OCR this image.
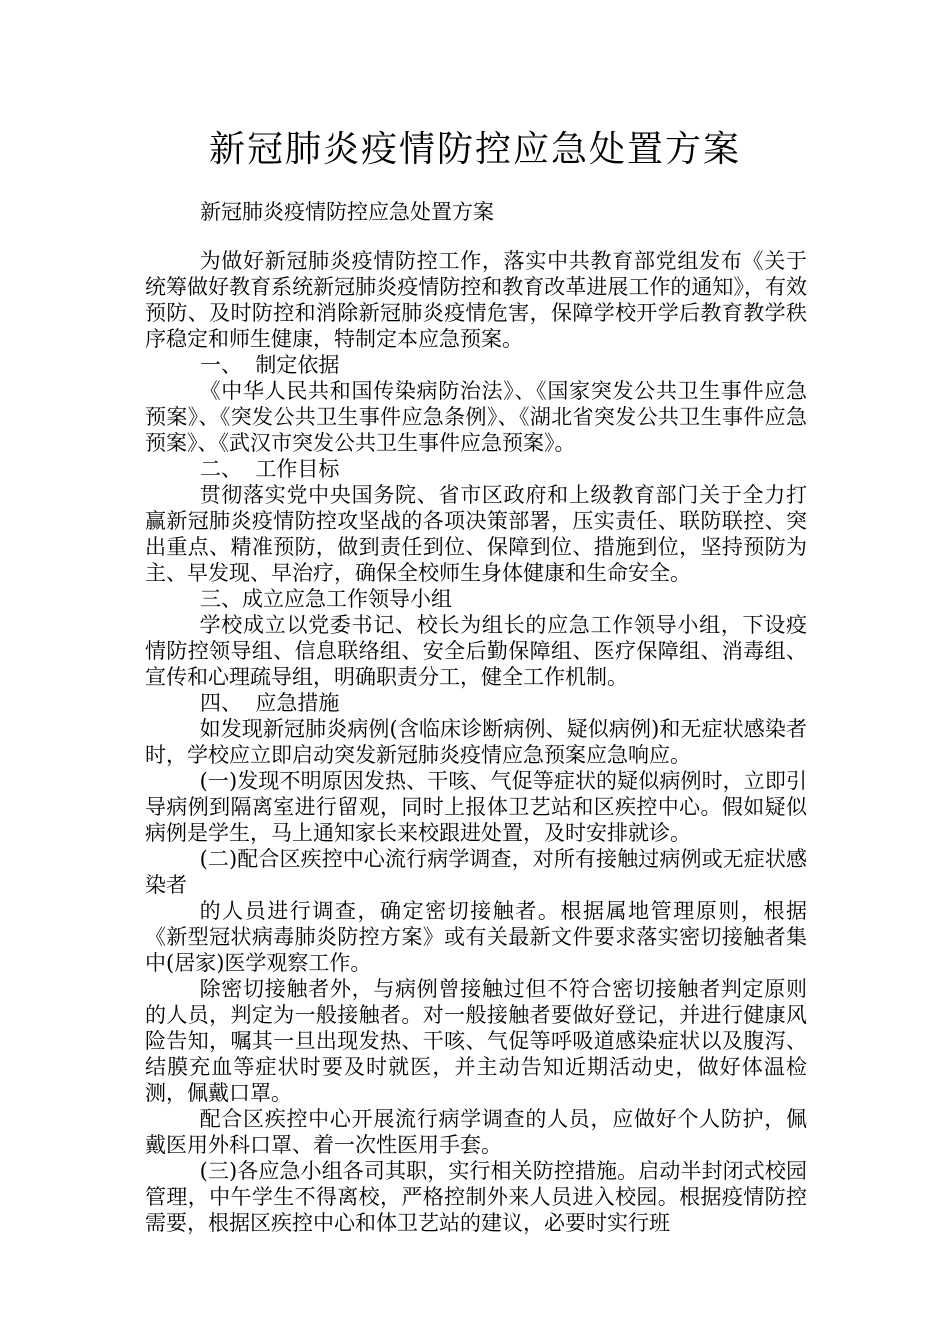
新冠肺炎疫情防控应急处置方案

新冠肺炎疫情防控应急处置方案

为做好新冠肺炎疫情防控工作，落实中共教育部党组发布《关于统筹做好教育系统新冠肺炎疫情防控和教育改革进展工作的通知》，有效预防、及时防控和消除新冠肺炎疫情危害，保障学校开学后教育教学秩序稳定和师生健康，特制定本应急预案。

一、  制定依据

《中华人民共和国传染病防治法》、《国家突发公共卫生事件应急预案》、《突发公共卫生事件应急条例》、《湖北省突发公共卫生事件应急预案》、《武汉市突发公共卫生事件应急预案》。

二、  工作目标

贯彻落实党中央国务院、省市区政府和上级教育部门关于全力打赢新冠肺炎疫情防控攻坚战的各项决策部署，压实责任、联防联控、突出重点、精准预防，做到责任到位、保障到位、措施到位，坚持预防为主、早发现、早治疗，确保全校师生身体健康和生命安全。

三、成立应急工作领导小组

学校成立以党委书记、校长为组长的应急工作领导小组，下设疫情防控领导组、信息联络组、安全后勤保障组、医疗保障组、消毒组、宣传和心理疏导组，明确职责分工，健全工作机制。

四、  应急措施

如发现新冠肺炎病例(含临床诊断病例、疑似病例)和无症状感染者 时，学校应立即启动突发新冠肺炎疫情应急预案应急响应。

(一)发现不明原因发热、干咳、气促等症状的疑似病例时，立即引导病例到隔离室进行留观，同时上报体卫艺站和区疾控中心。假如疑似病例是学生，马上通知家长来校跟进处置，及时安排就诊。

(二)配合区疾控中心流行病学调查，对所有接触过病例或无症状感染者

的人员进行调查，确定密切接触者。根据属地管理原则，根据《新型冠状病毒肺炎防控方案》或有关最新文件要求落实密切接触者集中(居家)医学观察工作。

除密切接触者外，与病例曾接触过但不符合密切接触者判定原则的人员，判定为一般接触者。对一般接触者要做好登记，并进行健康风险告知，嘱其一旦出现发热、干咳、气促等呼吸道感染症状以及腹泻、结膜充血等症状时要及时就医，并主动告知近期活动史，做好体温检测，佩戴口罩。

配合区疾控中心开展流行病学调查的人员，应做好个人防护，佩戴医用外科口罩、着一次性医用手套。

(三)各应急小组各司其职，实行相关防控措施。启动半封闭式校园管理，中午学生不得离校，严格控制外来人员进入校园。根据疫情防控需要，根据区疾控中心和体卫艺站的建议，必要时实行班
